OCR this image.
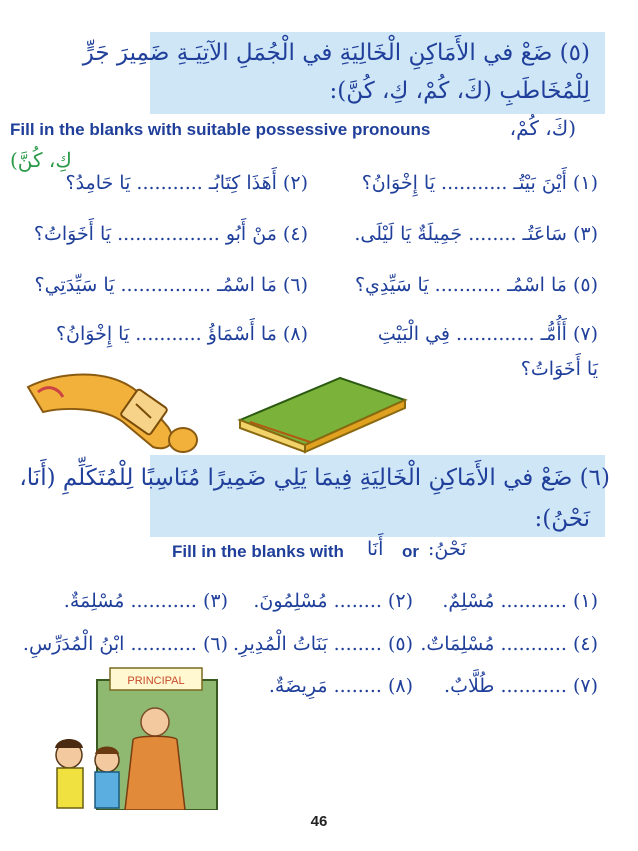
(٥) ضَعْ في الأَمَاكِنِ الْخَالِيَةِ في الْجُمَلِ الآتِيَـةِ ضَمِيرَ جَرٍّ
لِلْمُخَاطَبِ (كَ، كُمْ، كِ، كُنَّ):
Fill in the blanks with suitable possessive pronouns	(كَ، كُمْ،
كِ، كُنَّ)
(١) أَيْنَ بَيْتُـ ........... يَا إِخْوَانُ؟
(٢) أَهَذَا كِتَابُـ ........... يَا حَامِدُ؟
(٣) سَاعَتُـ ........ جَمِيلَةٌ يَا لَيْلَى.
(٤) مَنْ أَبُو ................. يَا أَخَوَاتُ؟
(٥) مَا اسْمُـ ........... يَا سَيِّدِي؟
(٦) مَا اسْمُـ ............... يَا سَيِّدَتِي؟
(٧) أَأُمُّـ ............. فِي الْبَيْتِ
(٨) مَا أَسْمَاؤُ ........... يَا إِخْوَانُ؟
يَا أَخَوَاتُ؟
(٦) ضَعْ في الأَمَاكِنِ الْخَالِيَةِ فِيمَا يَلِي ضَمِيرًا مُنَاسِبًا لِلْمُتَكَلِّمِ (أَنَا،
نَحْنُ):
Fill in the blanks with أَنَا or نَحْنُ:
(١) ........... مُسْلِمٌ.
(٢) ........ مُسْلِمُونَ.
(٣) ........... مُسْلِمَةٌ.
(٤) ........... مُسْلِمَاتٌ.
(٥) ........ بَنَاتُ الْمُدِيرِ.
(٦) ........... ابْنُ الْمُدَرِّسِ.
(٧) ........... طُلَّابٌ.
(٨) ........ مَرِيضَةٌ.
PRINCIPAL
46
